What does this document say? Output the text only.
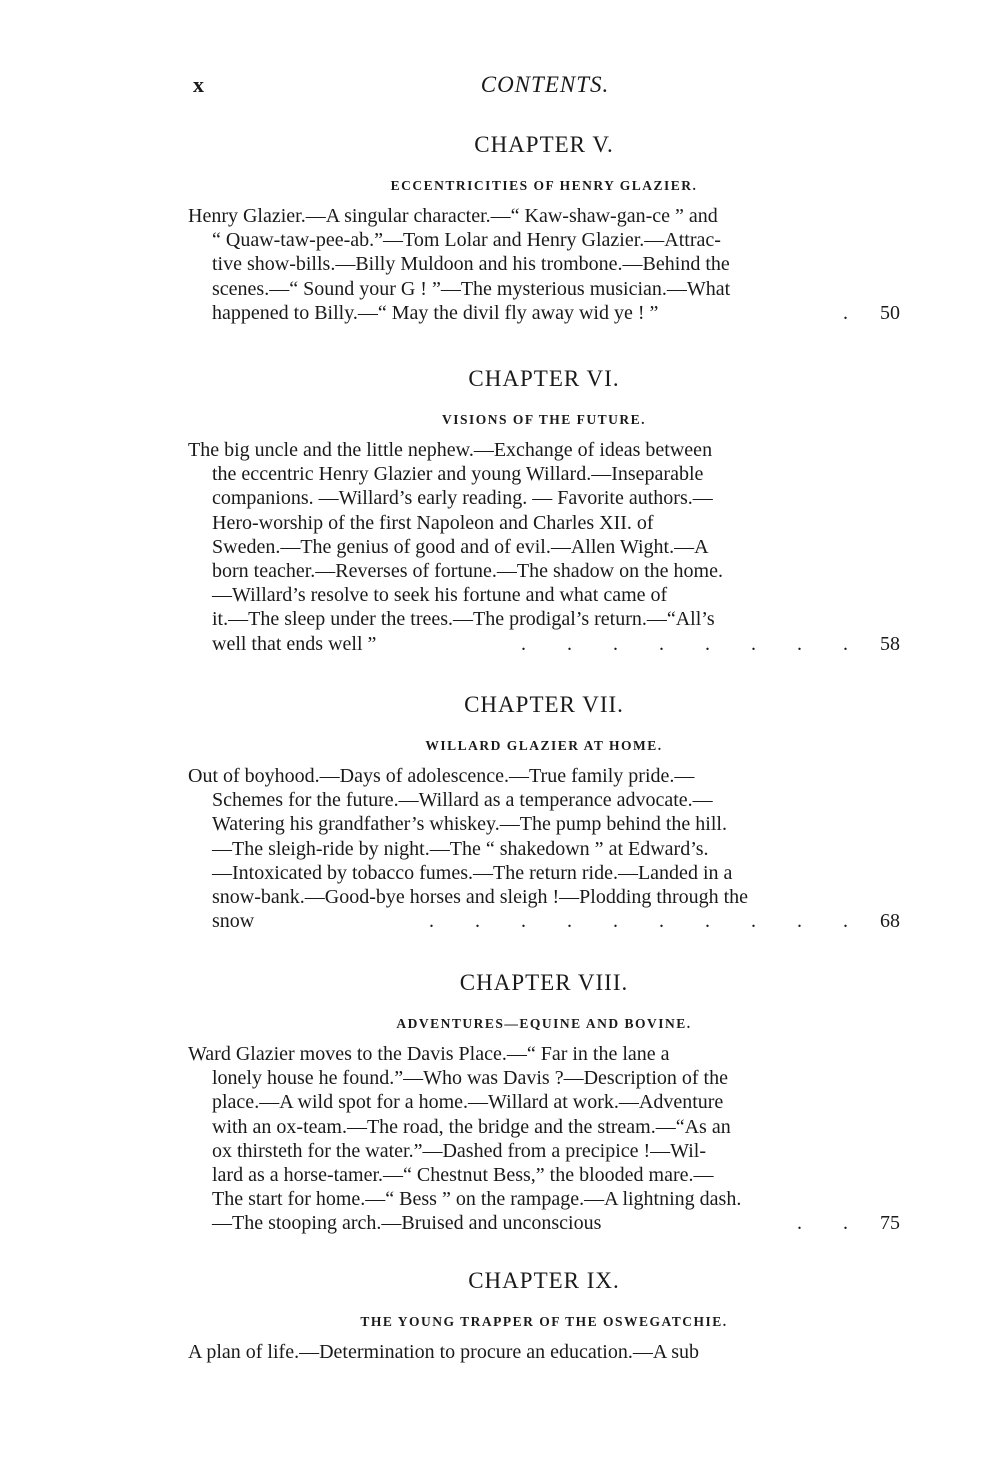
x	CONTENTS.
CHAPTER V.
ECCENTRICITIES OF HENRY GLAZIER.
Henry Glazier.—A singular character.—“ Kaw-shaw-gan-ce ” and
“ Quaw-taw-pee-ab.”—Tom Lolar and Henry Glazier.—Attrac-
tive show-bills.—Billy Muldoon and his trombone.—Behind the
scenes.—“ Sound your G ! ”—The mysterious musician.—What
happened to Billy.—“ May the divil fly away wid ye ! ”	. 50
CHAPTER VI.
VISIONS OF THE FUTURE.
The big uncle and the little nephew.—Exchange of ideas between
the eccentric Henry Glazier and young Willard.—Inseparable
companions. —Willard’s early reading. — Favorite authors.—
Hero-worship of the first Napoleon and Charles XII. of
Sweden.—The genius of good and of evil.—Allen Wight.—A
born teacher.—Reverses of fortune.—The shadow on the home.
—Willard’s resolve to seek his fortune and what came of
it.—The sleep under the trees.—The prodigal’s return.—“All’s
well that ends well ”	. . . . . . . . 58
CHAPTER VII.
WILLARD GLAZIER AT HOME.
Out of boyhood.—Days of adolescence.—True family pride.—
Schemes for the future.—Willard as a temperance advocate.—
Watering his grandfather’s whiskey.—The pump behind the hill.
—The sleigh-ride by night.—The “ shakedown ” at Edward’s.
—Intoxicated by tobacco fumes.—The return ride.—Landed in a
snow-bank.—Good-bye horses and sleigh !—Plodding through the
snow	. . . . . . . . . . 68
CHAPTER VIII.
ADVENTURES—EQUINE AND BOVINE.
Ward Glazier moves to the Davis Place.—“ Far in the lane a
lonely house he found.”—Who was Davis ?—Description of the
place.—A wild spot for a home.—Willard at work.—Adventure
with an ox-team.—The road, the bridge and the stream.—“As an
ox thirsteth for the water.”—Dashed from a precipice !—Wil-
lard as a horse-tamer.—“ Chestnut Bess,” the blooded mare.—
The start for home.—“ Bess ” on the rampage.—A lightning dash.
—The stooping arch.—Bruised and unconscious	. . 75
CHAPTER IX.
THE YOUNG TRAPPER OF THE OSWEGATCHIE.
A plan of life.—Determination to procure an education.—A sub
